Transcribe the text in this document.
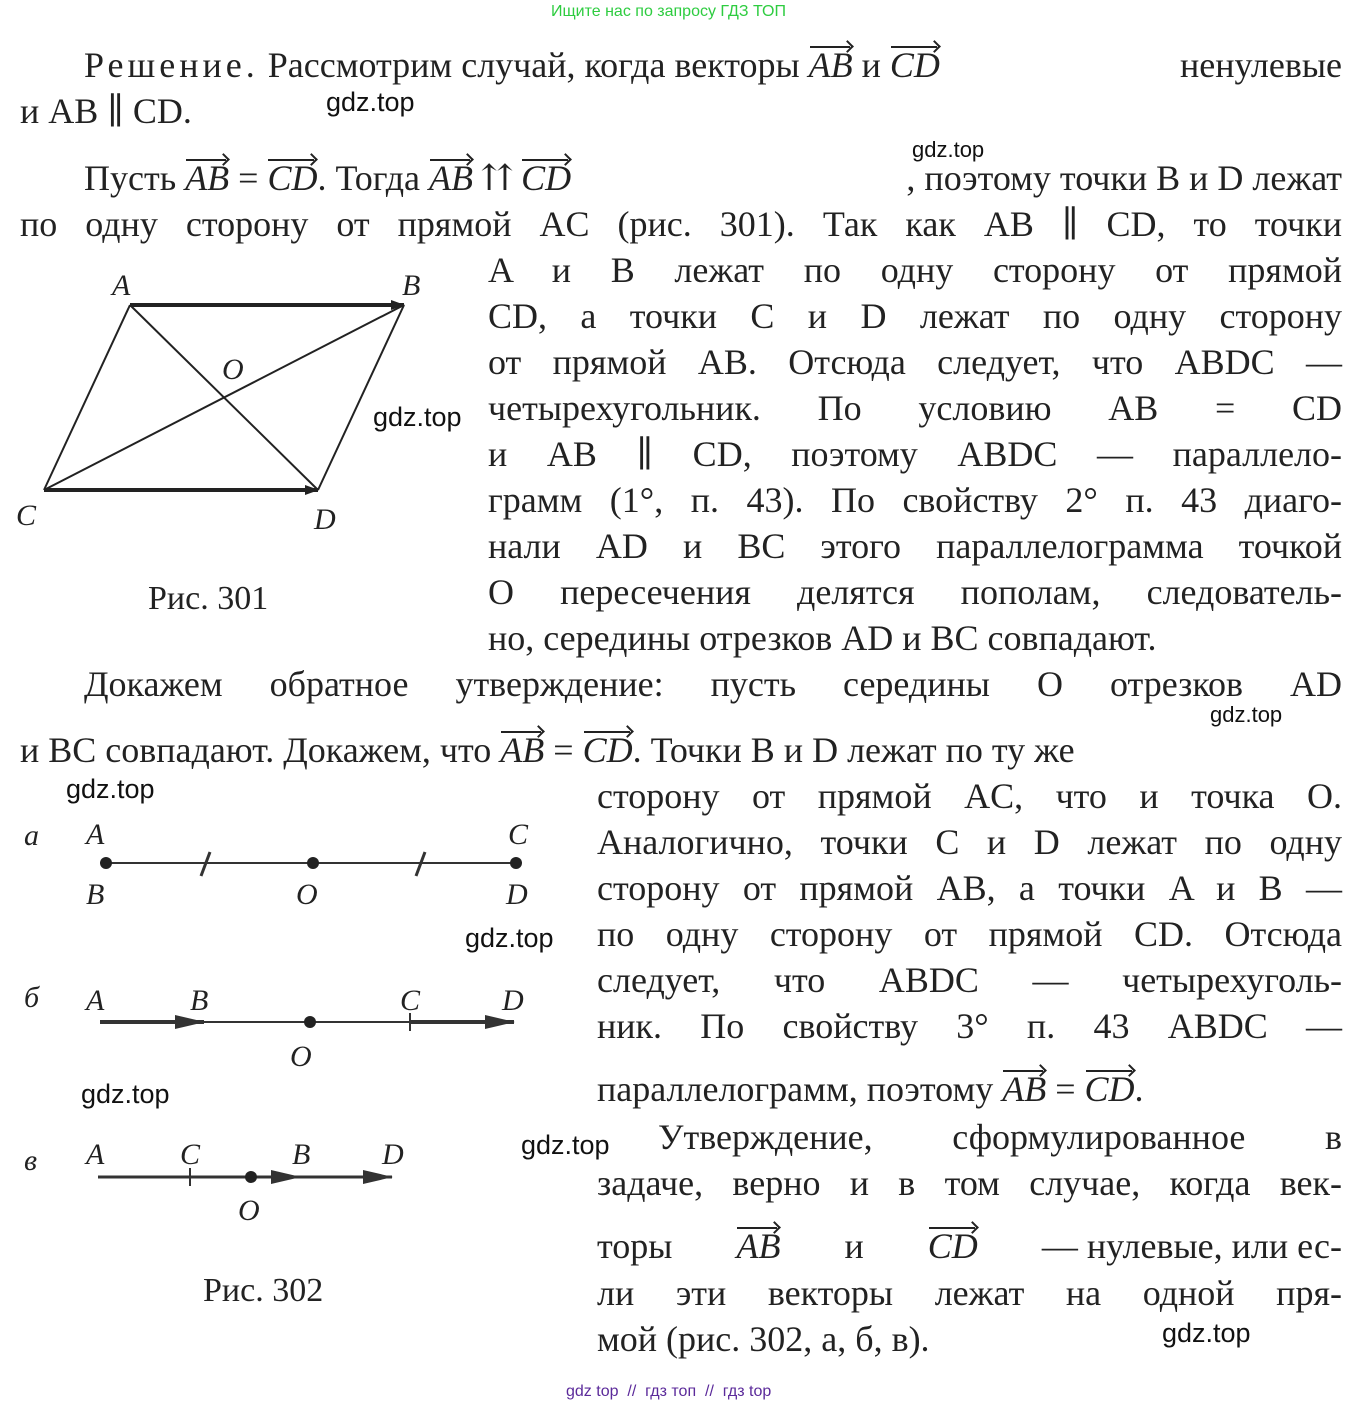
Ищите нас по запросу ГДЗ ТОП
Решение. Рассмотрим случай, когда векторы AB и CD	ненулевые
и AB ∥ CD.
Пусть AB = CD. Тогда AB ⇈ CD	, поэтому точки B и D лежат
по одну сторону от прямой AC (рис. 301). Так как AB ∥ CD, то точки
A и B лежат по одну сторону от прямой
CD, а точки C и D лежат по одну сторону
от прямой AB. Отсюда следует, что ABDC —
четырехугольник. По условию AB = CD
и AB ∥ CD, поэтому ABDC — параллело-
грамм (1°, п. 43). По свойству 2° п. 43 диаго-
нали AD и BC этого параллелограмма точкой
O пересечения делятся пополам, следователь-
но, середины отрезков AD и BC совпадают.
Докажем обратное утверждение: пусть середины O отрезков AD
и BC совпадают. Докажем, что AB = CD. Точки B и D лежат по ту же
сторону от прямой AC, что и точка O.
Аналогично, точки C и D лежат по одну
сторону от прямой AB, а точки A и B —
по одну сторону от прямой CD. Отсюда
следует, что ABDC — четырехуголь-
ник. По свойству 3° п. 43 ABDC —
параллелограмм, поэтому AB = CD.
Утверждение, сформулированное в
задаче, верно и в том случае, когда век-
торы AB и CD — нулевые, или ес-
ли эти векторы лежат на одной пря-
мой (рис. 302, а, б, в).
A	B
O
C	D
Рис. 301
а A	C
B	O	D
б A	B	C	D
O
в A	C	B D
O
Рис. 302
gdz.top
gdz.top
gdz.top
gdz.top
gdz.top
gdz.top
gdz.top
gdz.top
gdz.top
gdz top  //  гдз топ  //  гдз top
